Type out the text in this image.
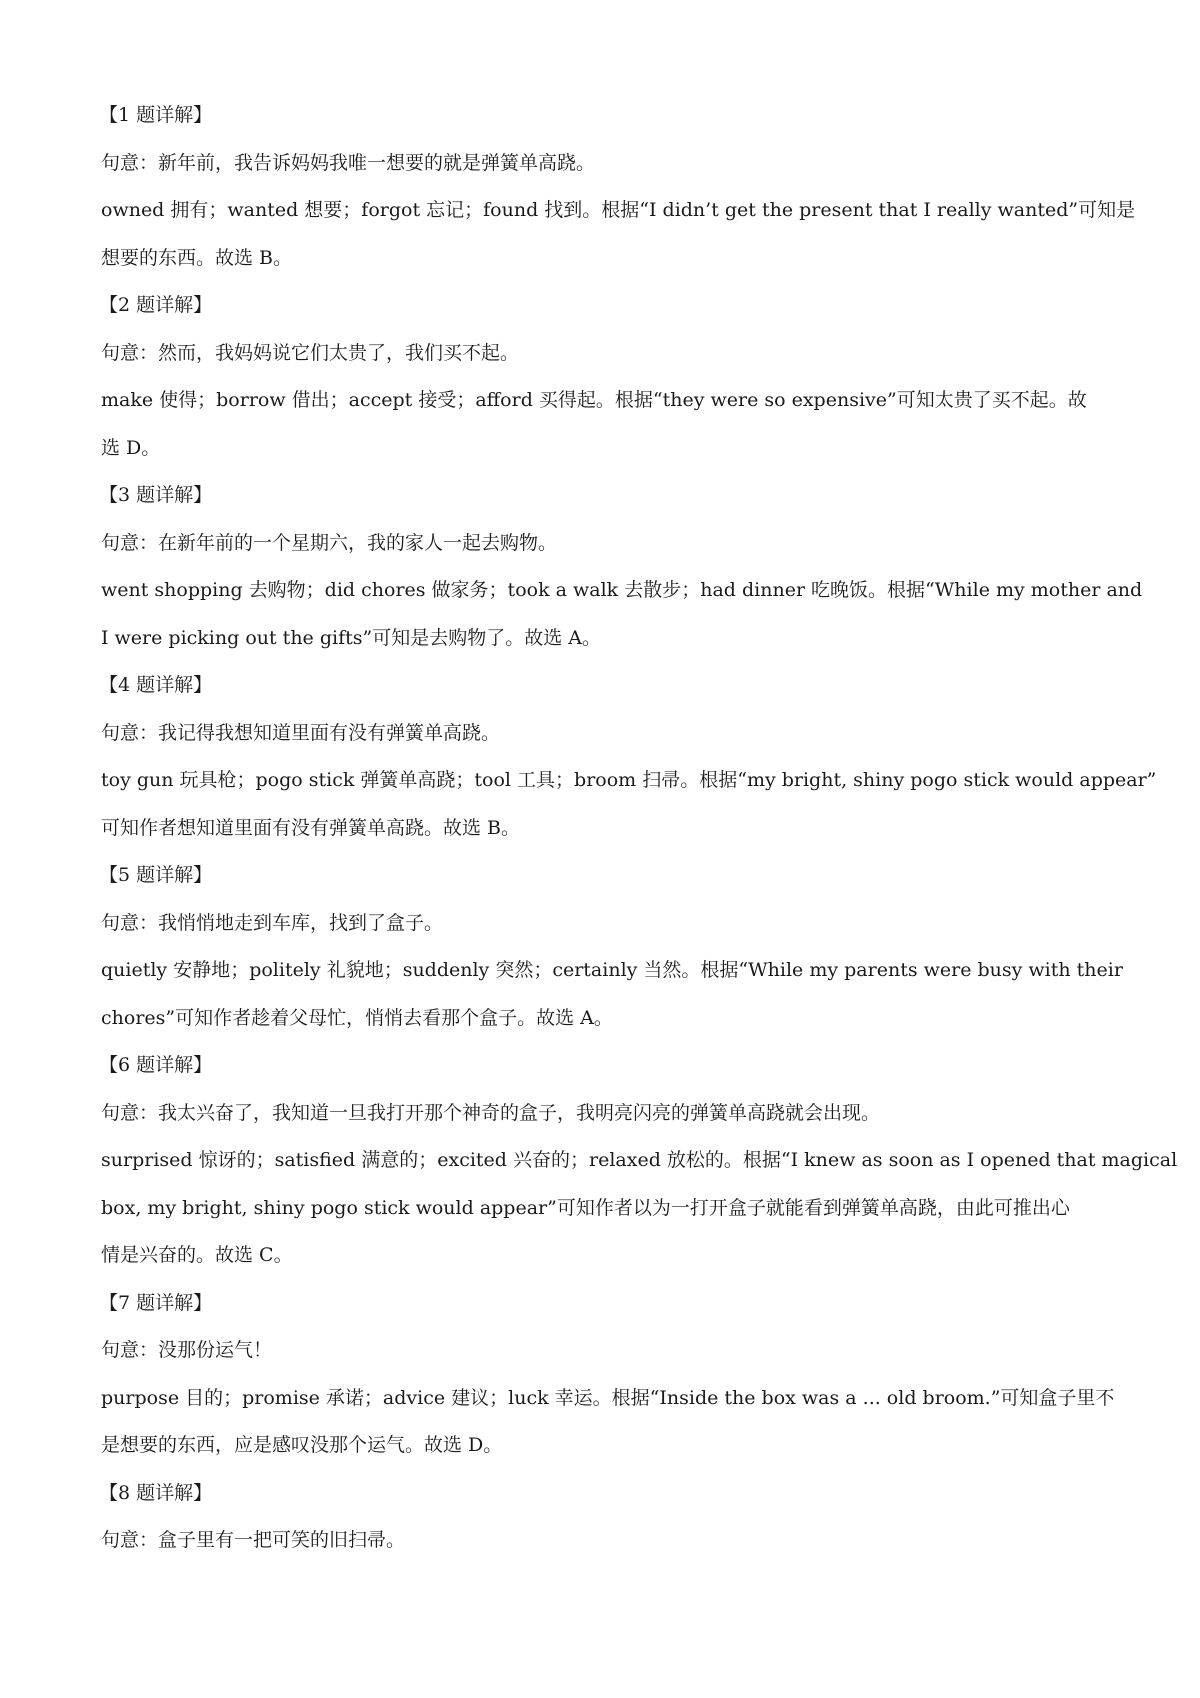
【1 题详解】
句意：新年前，我告诉妈妈我唯一想要的就是弹簧单高跷。
owned 拥有；wanted 想要；forgot 忘记；found 找到。根据“I didn’t get the present that I really wanted”可知是
想要的东西。故选 B。
【2 题详解】
句意：然而，我妈妈说它们太贵了，我们买不起。
make 使得；borrow 借出；accept 接受；afford 买得起。根据“they were so expensive”可知太贵了买不起。故
选 D。
【3 题详解】
句意：在新年前的一个星期六，我的家人一起去购物。
went shopping 去购物；did chores 做家务；took a walk 去散步；had dinner 吃晚饭。根据“While my mother and
I were picking out the gifts”可知是去购物了。故选 A。
【4 题详解】
句意：我记得我想知道里面有没有弹簧单高跷。
toy gun 玩具枪；pogo stick 弹簧单高跷；tool 工具；broom 扫帚。根据“my bright, shiny pogo stick would appear”
可知作者想知道里面有没有弹簧单高跷。故选 B。
【5 题详解】
句意：我悄悄地走到车库，找到了盒子。
quietly 安静地；politely 礼貌地；suddenly 突然；certainly 当然。根据“While my parents were busy with their
chores”可知作者趁着父母忙，悄悄去看那个盒子。故选 A。
【6 题详解】
句意：我太兴奋了，我知道一旦我打开那个神奇的盒子，我明亮闪亮的弹簧单高跷就会出现。
surprised 惊讶的；satisfied 满意的；excited 兴奋的；relaxed 放松的。根据“I knew as soon as I opened that magical
box, my bright, shiny pogo stick would appear”可知作者以为一打开盒子就能看到弹簧单高跷，由此可推出心
情是兴奋的。故选 C。
【7 题详解】
句意：没那份运气！
purpose 目的；promise 承诺；advice 建议；luck 幸运。根据“Inside the box was a ... old broom.”可知盒子里不
是想要的东西，应是感叹没那个运气。故选 D。
【8 题详解】
句意：盒子里有一把可笑的旧扫帚。
